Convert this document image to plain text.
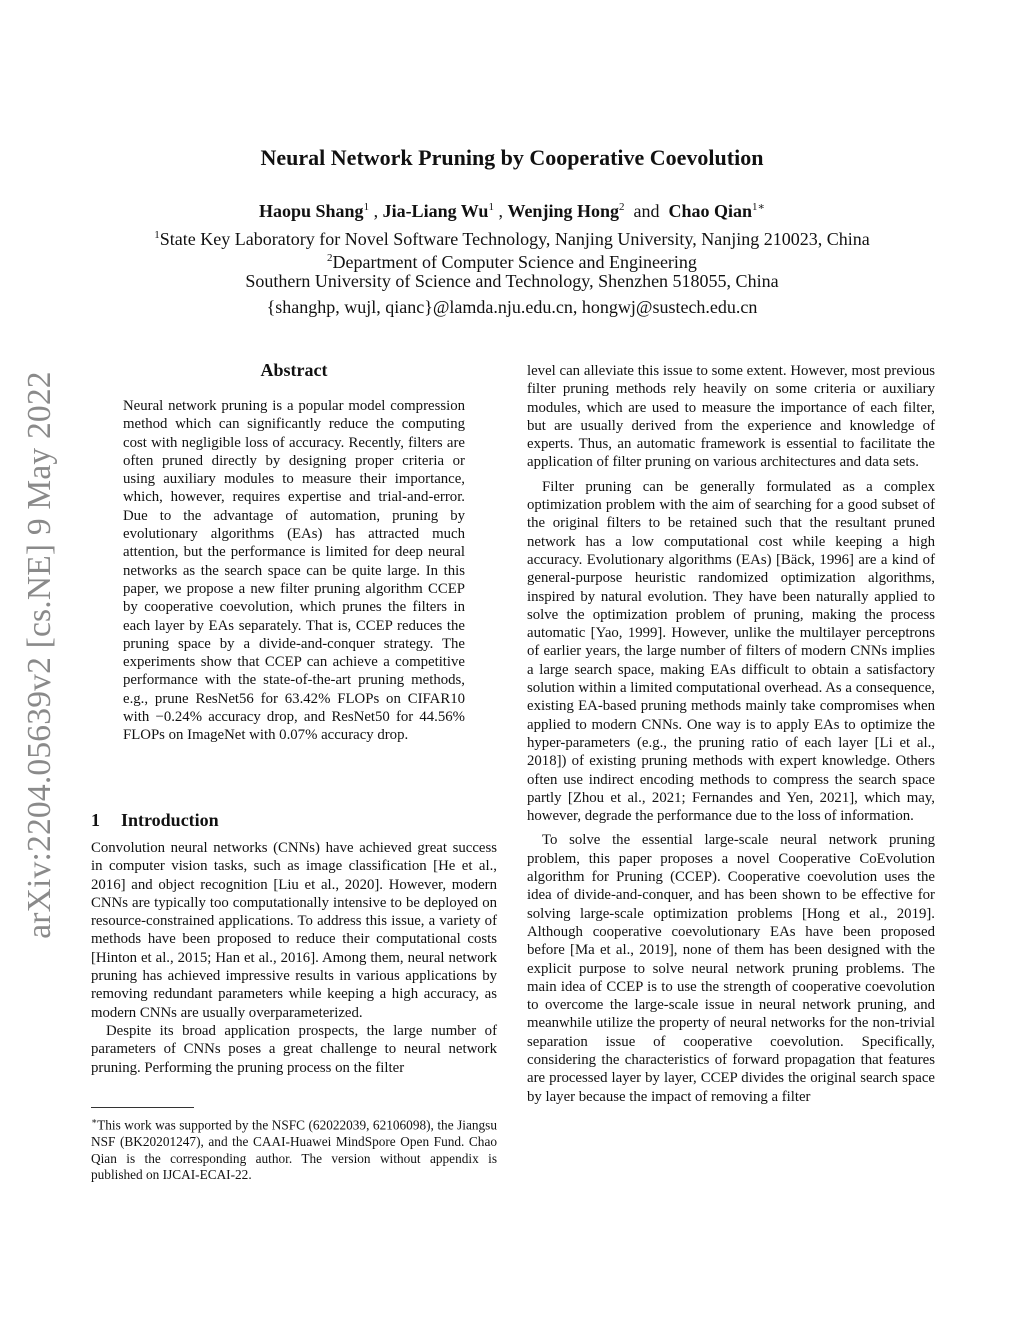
arXiv:2204.05639v2 [cs.NE] 9 May 2022
Neural Network Pruning by Cooperative Coevolution
Haopu Shang$^1$ , Jia-Liang Wu$^1$ , Wenjing Hong$^2$ and Chao Qian$^{1∗}$
$^1$State Key Laboratory for Novel Software Technology, Nanjing University, Nanjing 210023, China
$^2$Department of Computer Science and Engineering
Southern University of Science and Technology, Shenzhen 518055, China
{shanghp, wujl, qianc}@lamda.nju.edu.cn, hongwj@sustech.edu.cn
Abstract
Neural network pruning is a popular model compression method which can significantly reduce the computing cost with negligible loss of accuracy. Recently, filters are often pruned directly by designing proper criteria or using auxiliary modules to measure their importance, which, however, requires expertise and trial-and-error. Due to the advantage of automation, pruning by evolutionary algorithms (EAs) has attracted much attention, but the performance is limited for deep neural networks as the search space can be quite large. In this paper, we propose a new filter pruning algorithm CCEP by cooperative coevolution, which prunes the filters in each layer by EAs separately. That is, CCEP reduces the pruning space by a divide-and-conquer strategy. The experiments show that CCEP can achieve a competitive performance with the state-of-the-art pruning methods, e.g., prune ResNet56 for 63.42% FLOPs on CIFAR10 with −0.24% accuracy drop, and ResNet50 for 44.56% FLOPs on ImageNet with 0.07% accuracy drop.
1 Introduction

Convolution neural networks (CNNs) have achieved great success in computer vision tasks, such as image classification [He et al., 2016] and object recognition [Liu et al., 2020]. However, modern CNNs are typically too computationally intensive to be deployed on resource-constrained applications. To address this issue, a variety of methods have been proposed to reduce their computational costs [Hinton et al., 2015; Han et al., 2016]. Among them, neural network pruning has achieved impressive results in various applications by removing redundant parameters while keeping a high accuracy, as modern CNNs are usually overparameterized.

Despite its broad application prospects, the large number of parameters of CNNs poses a great challenge to neural network pruning. Performing the pruning process on the filter

∗This work was supported by the NSFC (62022039, 62106098), the Jiangsu NSF (BK20201247), and the CAAI-Huawei MindSpore Open Fund. Chao Qian is the corresponding author. The version without appendix is published on IJCAI-ECAI-22.

level can alleviate this issue to some extent. However, most previous filter pruning methods rely heavily on some criteria or auxiliary modules, which are used to measure the importance of each filter, but are usually derived from the experience and knowledge of experts. Thus, an automatic framework is essential to facilitate the application of filter pruning on various architectures and data sets.

Filter pruning can be generally formulated as a complex optimization problem with the aim of searching for a good subset of the original filters to be retained such that the resultant pruned network has a low computational cost while keeping a high accuracy. Evolutionary algorithms (EAs) [Bäck, 1996] are a kind of general-purpose heuristic randomized optimization algorithms, inspired by natural evolution. They have been naturally applied to solve the optimization problem of pruning, making the process automatic [Yao, 1999]. However, unlike the multilayer perceptrons of earlier years, the large number of filters of modern CNNs implies a large search space, making EAs difficult to obtain a satisfactory solution within a limited computational overhead. As a consequence, existing EA-based pruning methods mainly take compromises when applied to modern CNNs. One way is to apply EAs to optimize the hyper-parameters (e.g., the pruning ratio of each layer [Li et al., 2018]) of existing pruning methods with expert knowledge. Others often use indirect encoding methods to compress the search space partly [Zhou et al., 2021; Fernandes and Yen, 2021], which may, however, degrade the performance due to the loss of information.

To solve the essential large-scale neural network pruning problem, this paper proposes a novel Cooperative CoEvolution algorithm for Pruning (CCEP). Cooperative coevolution uses the idea of divide-and-conquer, and has been shown to be effective for solving large-scale optimization problems [Hong et al., 2019]. Although cooperative coevolutionary EAs have been proposed before [Ma et al., 2019], none of them has been designed with the explicit purpose to solve neural network pruning problems. The main idea of CCEP is to use the strength of cooperative coevolution to overcome the large-scale issue in neural network pruning, and meanwhile utilize the property of neural networks for the non-trivial separation issue of cooperative coevolution. Specifically, considering the characteristics of forward propagation that features are processed layer by layer, CCEP divides the original search space by layer because the impact of removing a filter
